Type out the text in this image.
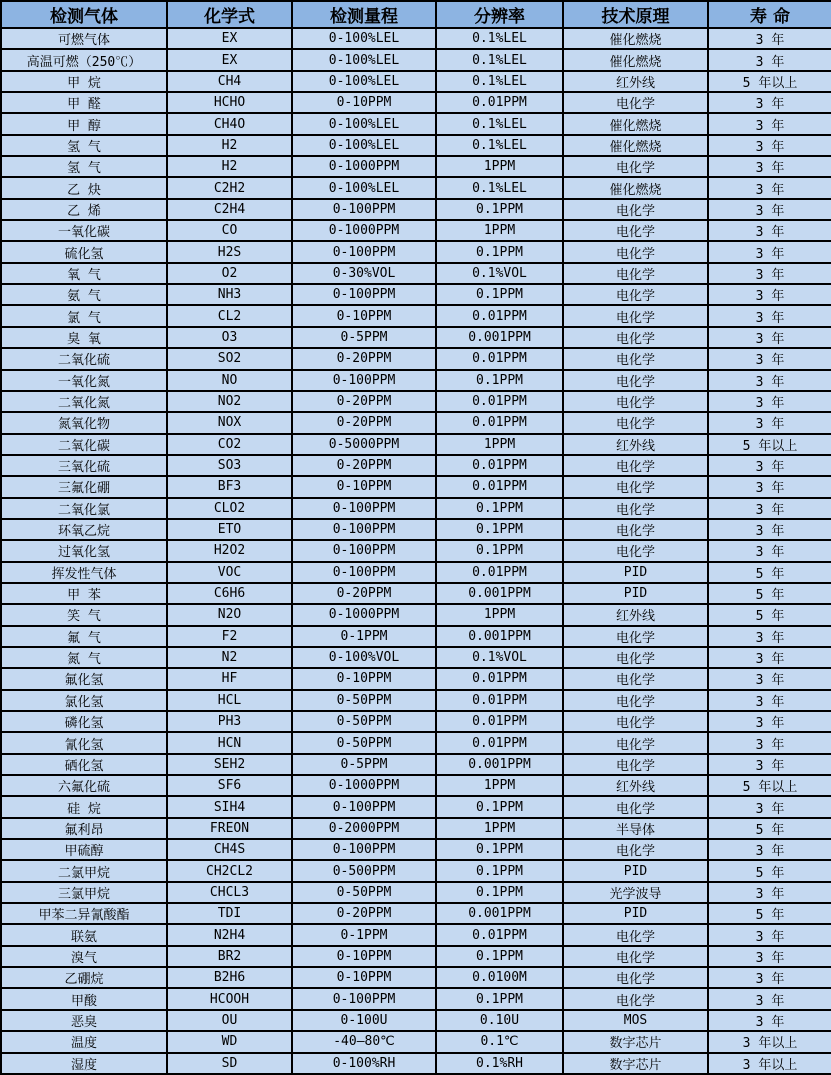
检测气体	化学式	检测量程	分辨率	技术原理	寿 命
可燃气体	EX	0-100%LEL	0.1%LEL	催化燃烧	3 年
高温可燃（250℃）	EX	0-100%LEL	0.1%LEL	催化燃烧	3 年
甲 烷	CH4	0-100%LEL	0.1%LEL	红外线	5 年以上
甲 醛	HCHO	0-10PPM	0.01PPM	电化学	3 年
甲 醇	CH4O	0-100%LEL	0.1%LEL	催化燃烧	3 年
氢 气	H2	0-100%LEL	0.1%LEL	催化燃烧	3 年
氢 气	H2	0-1000PPM	1PPM	电化学	3 年
乙 炔	C2H2	0-100%LEL	0.1%LEL	催化燃烧	3 年
乙 烯	C2H4	0-100PPM	0.1PPM	电化学	3 年
一氧化碳	CO	0-1000PPM	1PPM	电化学	3 年
硫化氢	H2S	0-100PPM	0.1PPM	电化学	3 年
氧 气	O2	0-30%VOL	0.1%VOL	电化学	3 年
氨 气	NH3	0-100PPM	0.1PPM	电化学	3 年
氯 气	CL2	0-10PPM	0.01PPM	电化学	3 年
臭 氧	O3	0-5PPM	0.001PPM	电化学	3 年
二氧化硫	SO2	0-20PPM	0.01PPM	电化学	3 年
一氧化氮	NO	0-100PPM	0.1PPM	电化学	3 年
二氧化氮	NO2	0-20PPM	0.01PPM	电化学	3 年
氮氧化物	NOX	0-20PPM	0.01PPM	电化学	3 年
二氧化碳	CO2	0-5000PPM	1PPM	红外线	5 年以上
三氧化硫	SO3	0-20PPM	0.01PPM	电化学	3 年
三氟化硼	BF3	0-10PPM	0.01PPM	电化学	3 年
二氧化氯	CLO2	0-100PPM	0.1PPM	电化学	3 年
环氧乙烷	ETO	0-100PPM	0.1PPM	电化学	3 年
过氧化氢	H2O2	0-100PPM	0.1PPM	电化学	3 年
挥发性气体	VOC	0-100PPM	0.01PPM	PID	5 年
甲 苯	C6H6	0-20PPM	0.001PPM	PID	5 年
笑 气	N2O	0-1000PPM	1PPM	红外线	5 年
氟 气	F2	0-1PPM	0.001PPM	电化学	3 年
氮 气	N2	0-100%VOL	0.1%VOL	电化学	3 年
氟化氢	HF	0-10PPM	0.01PPM	电化学	3 年
氯化氢	HCL	0-50PPM	0.01PPM	电化学	3 年
磷化氢	PH3	0-50PPM	0.01PPM	电化学	3 年
氰化氢	HCN	0-50PPM	0.01PPM	电化学	3 年
硒化氢	SEH2	0-5PPM	0.001PPM	电化学	3 年
六氟化硫	SF6	0-1000PPM	1PPM	红外线	5 年以上
硅 烷	SIH4	0-100PPM	0.1PPM	电化学	3 年
氟利昂	FREON	0-2000PPM	1PPM	半导体	5 年
甲硫醇	CH4S	0-100PPM	0.1PPM	电化学	3 年
二氯甲烷	CH2CL2	0-500PPM	0.1PPM	PID	5 年
三氯甲烷	CHCL3	0-50PPM	0.1PPM	光学波导	3 年
甲苯二异氰酸酯	TDI	0-20PPM	0.001PPM	PID	5 年
联氨	N2H4	0-1PPM	0.01PPM	电化学	3 年
溴气	BR2	0-10PPM	0.1PPM	电化学	3 年
乙硼烷	B2H6	0-10PPM	0.0100M	电化学	3 年
甲酸	HCOOH	0-100PPM	0.1PPM	电化学	3 年
恶臭	OU	0-100U	0.10U	MOS	3 年
温度	WD	-40—80℃	0.1℃	数字芯片	3 年以上
湿度	SD	0-100%RH	0.1%RH	数字芯片	3 年以上
